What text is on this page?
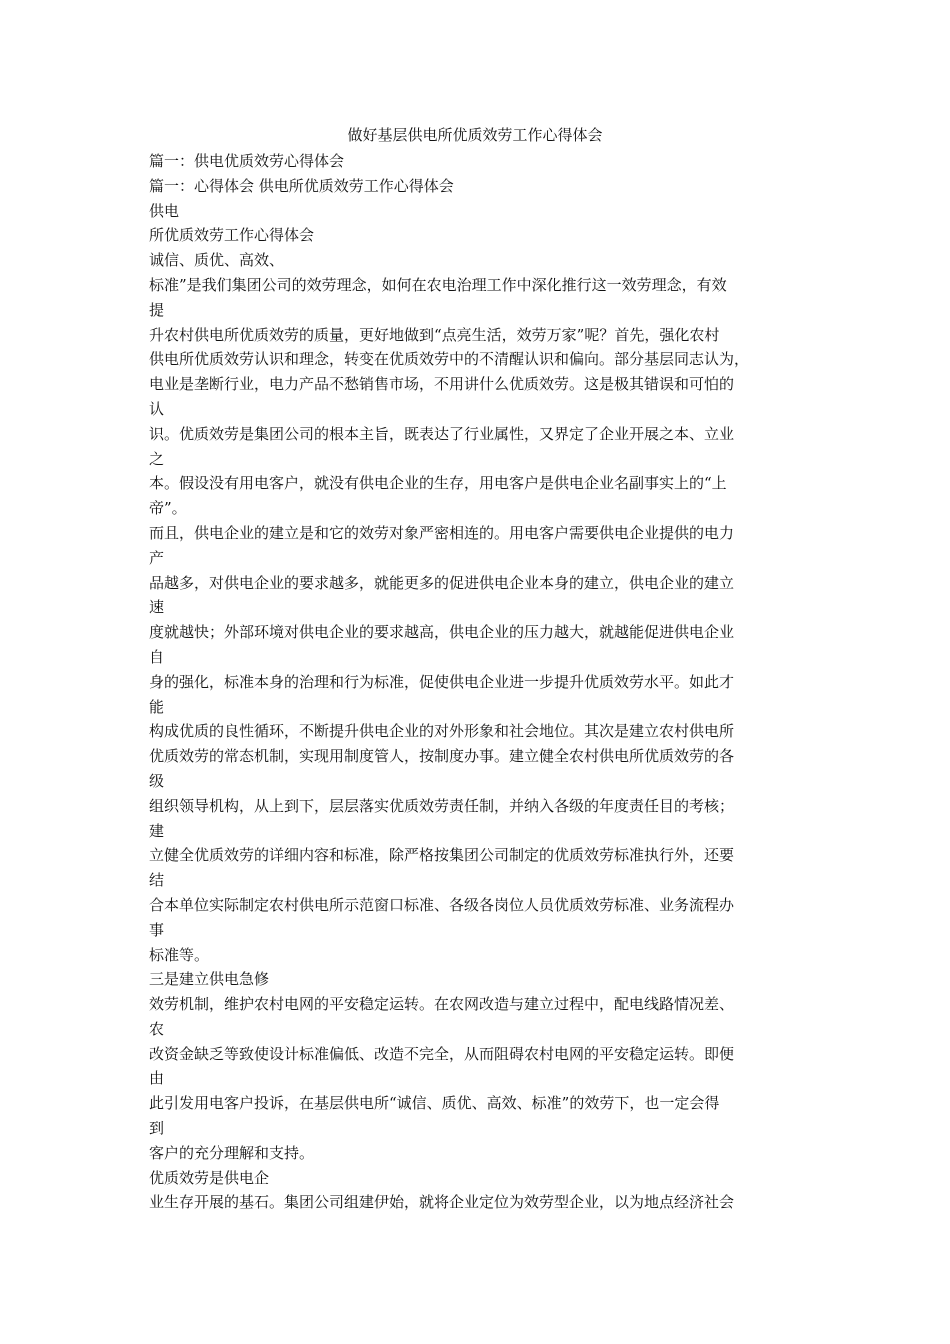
做好基层供电所优质效劳工作心得体会
篇一：供电优质效劳心得体会
篇一：心得体会 供电所优质效劳工作心得体会
供电
所优质效劳工作心得体会
诚信、质优、高效、
标准”是我们集团公司的效劳理念，如何在农电治理工作中深化推行这一效劳理念，有效
提
升农村供电所优质效劳的质量，更好地做到“点亮生活，效劳万家”呢？首先，强化农村
供电所优质效劳认识和理念，转变在优质效劳中的不清醒认识和偏向。部分基层同志认为，
电业是垄断行业，电力产品不愁销售市场，不用讲什么优质效劳。这是极其错误和可怕的
认
识。优质效劳是集团公司的根本主旨，既表达了行业属性，又界定了企业开展之本、立业
之
本。假设没有用电客户，就没有供电企业的生存，用电客户是供电企业名副事实上的“上
帝”。
而且，供电企业的建立是和它的效劳对象严密相连的。用电客户需要供电企业提供的电力
产
品越多，对供电企业的要求越多，就能更多的促进供电企业本身的建立，供电企业的建立
速
度就越快；外部环境对供电企业的要求越高，供电企业的压力越大，就越能促进供电企业
自
身的强化，标准本身的治理和行为标准，促使供电企业进一步提升优质效劳水平。如此才
能
构成优质的良性循环，不断提升供电企业的对外形象和社会地位。其次是建立农村供电所
优质效劳的常态机制，实现用制度管人，按制度办事。建立健全农村供电所优质效劳的各
级
组织领导机构，从上到下，层层落实优质效劳责任制，并纳入各级的年度责任目的考核；
建
立健全优质效劳的详细内容和标准，除严格按集团公司制定的优质效劳标准执行外，还要
结
合本单位实际制定农村供电所示范窗口标准、各级各岗位人员优质效劳标准、业务流程办
事
标准等。
三是建立供电急修
效劳机制，维护农村电网的平安稳定运转。在农网改造与建立过程中，配电线路情况差、
农
改资金缺乏等致使设计标准偏低、改造不完全，从而阻碍农村电网的平安稳定运转。即便
由
此引发用电客户投诉，在基层供电所“诚信、质优、高效、标准”的效劳下，也一定会得
到
客户的充分理解和支持。
优质效劳是供电企
业生存开展的基石。集团公司组建伊始，就将企业定位为效劳型企业，以为地点经济社会
